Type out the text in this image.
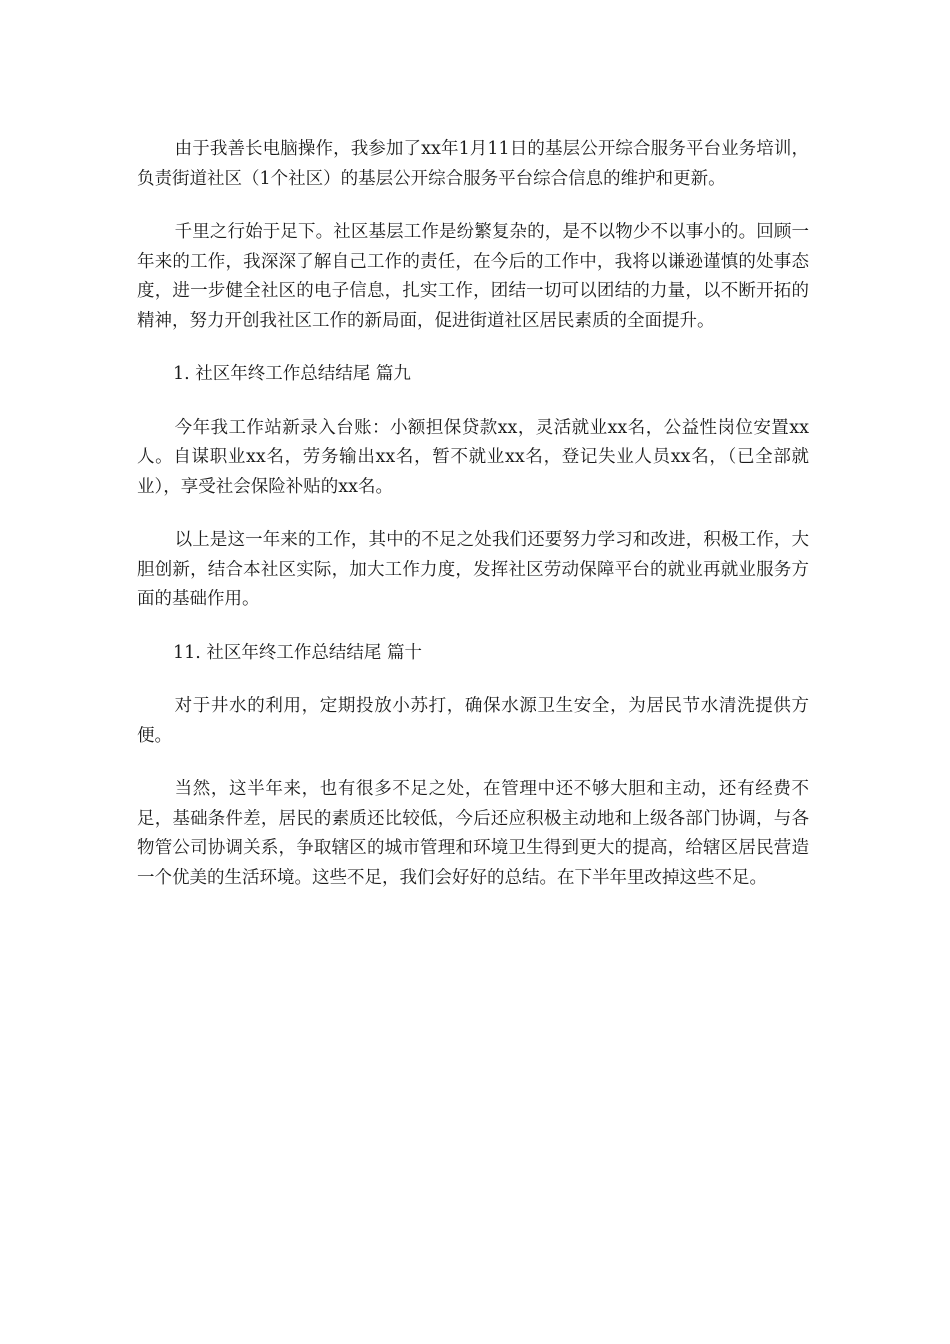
由于我善长电脑操作，我参加了xx年1月11日的基层公开综合服务平台业务培训，负责街道社区（1个社区）的基层公开综合服务平台综合信息的维护和更新。

千里之行始于足下。社区基层工作是纷繁复杂的，是不以物少不以事小的。回顾一年来的工作，我深深了解自己工作的责任，在今后的工作中，我将以谦逊谨慎的处事态度，进一步健全社区的电子信息，扎实工作，团结一切可以团结的力量，以不断开拓的精神，努力开创我社区工作的新局面，促进街道社区居民素质的全面提升。

1. 社区年终工作总结结尾 篇九

今年我工作站新录入台账：小额担保贷款xx，灵活就业xx名，公益性岗位安置xx人。自谋职业xx名，劳务输出xx名，暂不就业xx名，登记失业人员xx名，（已全部就业），享受社会保险补贴的xx名。

以上是这一年来的工作，其中的不足之处我们还要努力学习和改进，积极工作，大胆创新，结合本社区实际，加大工作力度，发挥社区劳动保障平台的就业再就业服务方面的基础作用。

11. 社区年终工作总结结尾 篇十

对于井水的利用，定期投放小苏打，确保水源卫生安全，为居民节水清洗提供方便。

当然，这半年来，也有很多不足之处，在管理中还不够大胆和主动，还有经费不足，基础条件差，居民的素质还比较低，今后还应积极主动地和上级各部门协调，与各物管公司协调关系，争取辖区的城市管理和环境卫生得到更大的提高，给辖区居民营造一个优美的生活环境。这些不足，我们会好好的总结。在下半年里改掉这些不足。
